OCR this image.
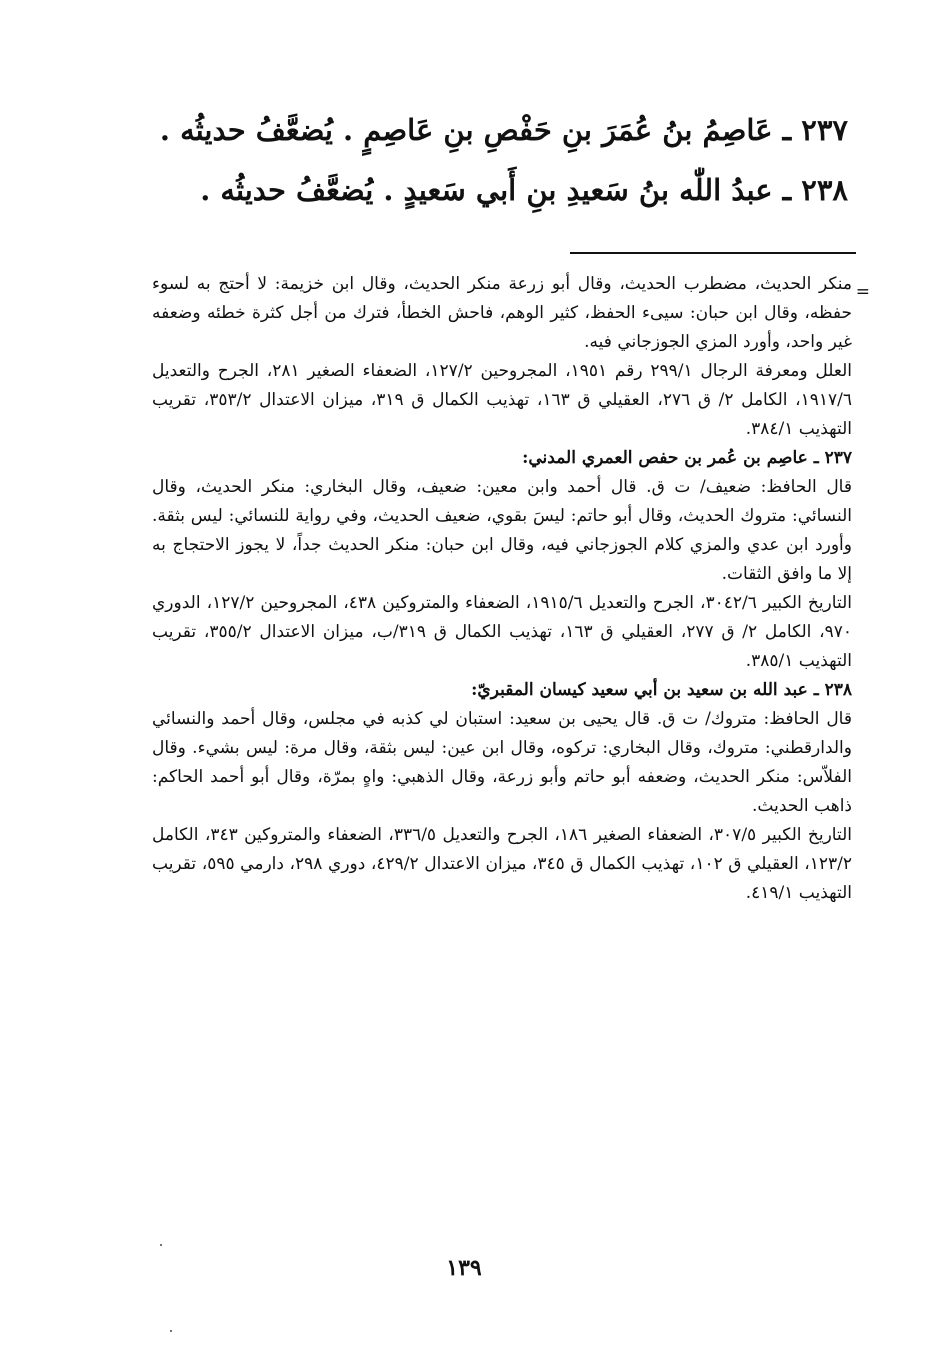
٢٣٧ ـ عَاصِمُ بنُ عُمَرَ بنِ حَفْصِ بنِ عَاصِمٍ . يُضعَّفُ حديثُه .
٢٣٨ ـ عبدُ اللّٰه بنُ سَعيدِ بنِ أَبي سَعيدٍ . يُضعَّفُ حديثُه .
=

منكر الحديث، مضطرب الحديث، وقال أبو زرعة منكر الحديث، وقال ابن خزيمة: لا أحتج به لسوء حفظه، وقال ابن حبان: سيىء الحفظ، كثير الوهم، فاحش الخطأ، فترك من أجل كثرة خطئه وضعفه غير واحد، وأورد المزي الجوزجاني فيه.

العلل ومعرفة الرجال ٢٩٩/١ رقم ١٩٥١، المجروحين ١٢٧/٢، الضعفاء الصغير ٢٨١، الجرح والتعديل ١٩١٧/٦، الكامل ٢/ ق ٢٧٦، العقيلي ق ١٦٣، تهذيب الكمال ق ٣١٩، ميزان الاعتدال ٣٥٣/٢، تقريب التهذيب ٣٨٤/١.

٢٣٧ ـ عاصِم بن عُمر بن حفص العمري المدني:

قال الحافظ: ضعيف/ ت ق. قال أحمد وابن معين: ضعيف، وقال البخاري: منكر الحديث، وقال النسائي: متروك الحديث، وقال أبو حاتم: ليسَ بقوي، ضعيف الحديث، وفي رواية للنسائي: ليس بثقة. وأورد ابن عدي والمزي كلام الجوزجاني فيه، وقال ابن حبان: منكر الحديث جداً، لا يجوز الاحتجاج به إلا ما وافق الثقات.

التاريخ الكبير ٣٠٤٢/٦، الجرح والتعديل ١٩١٥/٦، الضعفاء والمتروكين ٤٣٨، المجروحين ١٢٧/٢، الدوري ٩٧٠، الكامل ٢/ ق ٢٧٧، العقيلي ق ١٦٣، تهذيب الكمال ق ٣١٩/ب، ميزان الاعتدال ٣٥٥/٢، تقريب التهذيب ٣٨٥/١.

٢٣٨ ـ عبد الله بن سعيد بن أبي سعيد كيسان المقبريّ:

قال الحافظ: متروك/ ت ق. قال يحيى بن سعيد: استبان لي كذبه في مجلس، وقال أحمد والنسائي والدارقطني: متروك، وقال البخاري: تركوه، وقال ابن عين: ليس بثقة، وقال مرة: ليس بشيء. وقال الفلاّس: منكر الحديث، وضعفه أبو حاتم وأبو زرعة، وقال الذهبي: واهٍ بمرّة، وقال أبو أحمد الحاكم: ذاهب الحديث.

التاريخ الكبير ٣٠٧/٥، الضعفاء الصغير ١٨٦، الجرح والتعديل ٣٣٦/٥، الضعفاء والمتروكين ٣٤٣، الكامل ١٢٣/٢، العقيلي ق ١٠٢، تهذيب الكمال ق ٣٤٥، ميزان الاعتدال ٤٢٩/٢، دوري ٢٩٨، دارمي ٥٩٥، تقريب التهذيب ٤١٩/١.

١٣٩
